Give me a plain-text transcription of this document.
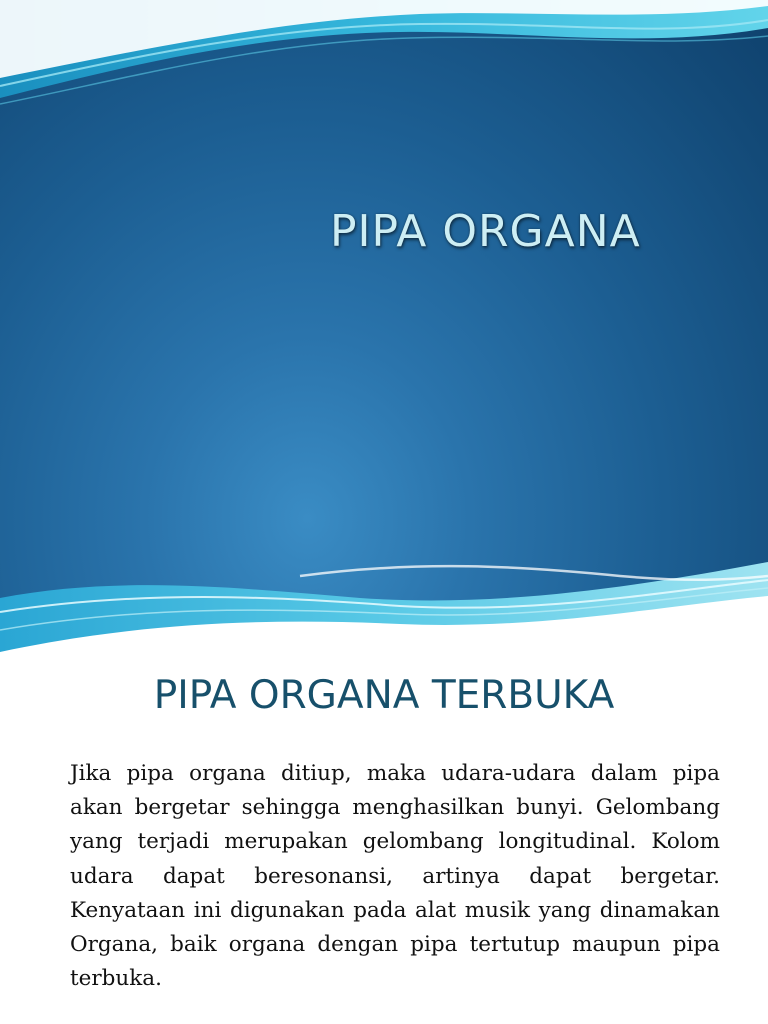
PIPA ORGANA
PIPA ORGANA TERBUKA
Jika pipa organa ditiup, maka udara-udara dalam pipa akan bergetar sehingga menghasilkan bunyi. Gelombang yang terjadi merupakan gelombang longitudinal. Kolom udara dapat beresonansi, artinya dapat bergetar. Kenyataan ini digunakan pada alat musik yang dinamakan Organa, baik organa dengan pipa tertutup maupun pipa terbuka.
